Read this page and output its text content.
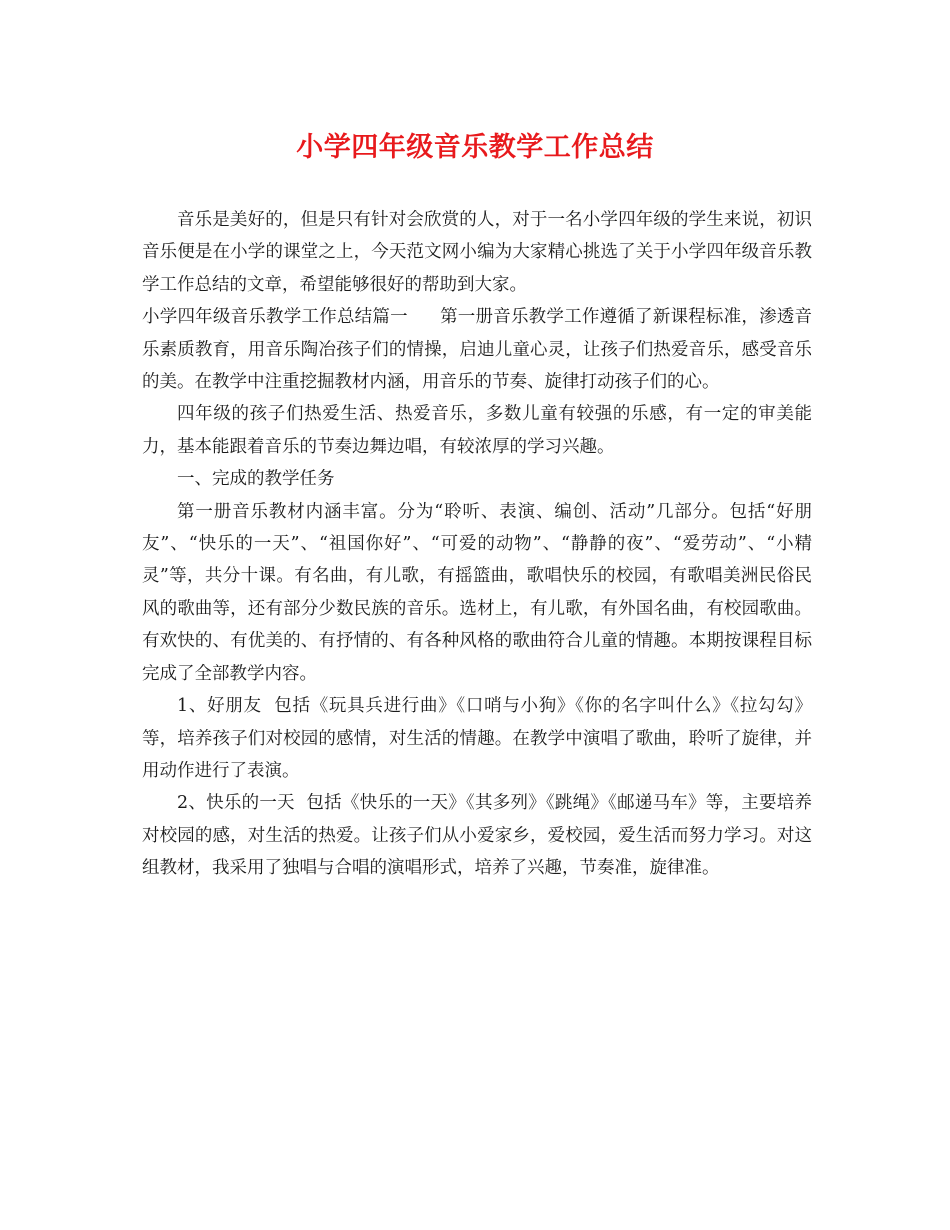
小学四年级音乐教学工作总结

音乐是美好的，但是只有针对会欣赏的人，对于一名小学四年级的学生来说，初识音乐便是在小学的课堂之上，今天范文网小编为大家精心挑选了关于小学四年级音乐教学工作总结的文章，希望能够很好的帮助到大家。

小学四年级音乐教学工作总结篇一 第一册音乐教学工作遵循了新课程标准，渗透音乐素质教育，用音乐陶冶孩子们的情操，启迪儿童心灵，让孩子们热爱音乐，感受音乐的美。在教学中注重挖掘教材内涵，用音乐的节奏、旋律打动孩子们的心。

四年级的孩子们热爱生活、热爱音乐，多数儿童有较强的乐感，有一定的审美能力，基本能跟着音乐的节奏边舞边唱，有较浓厚的学习兴趣。

一、完成的教学任务

第一册音乐教材内涵丰富。分为“聆听、表演、编创、活动”几部分。包括“好朋友”、“快乐的一天”、“祖国你好”、“可爱的动物”、“静静的夜”、“爱劳动”、“小精灵”等，共分十课。有名曲，有儿歌，有摇篮曲，歌唱快乐的校园，有歌唱美洲民俗民风的歌曲等，还有部分少数民族的音乐。选材上，有儿歌，有外国名曲，有校园歌曲。有欢快的、有优美的、有抒情的、有各种风格的歌曲符合儿童的情趣。本期按课程目标完成了全部教学内容。

1、好朋友  包括《玩具兵进行曲》《口哨与小狗》《你的名字叫什么》《拉勾勾》等，培养孩子们对校园的感情，对生活的情趣。在教学中演唱了歌曲，聆听了旋律，并用动作进行了表演。

2、快乐的一天  包括《快乐的一天》《其多列》《跳绳》《邮递马车》等，主要培养对校园的感，对生活的热爱。让孩子们从小爱家乡，爱校园，爱生活而努力学习。对这组教材，我采用了独唱与合唱的演唱形式，培养了兴趣，节奏准，旋律准。
